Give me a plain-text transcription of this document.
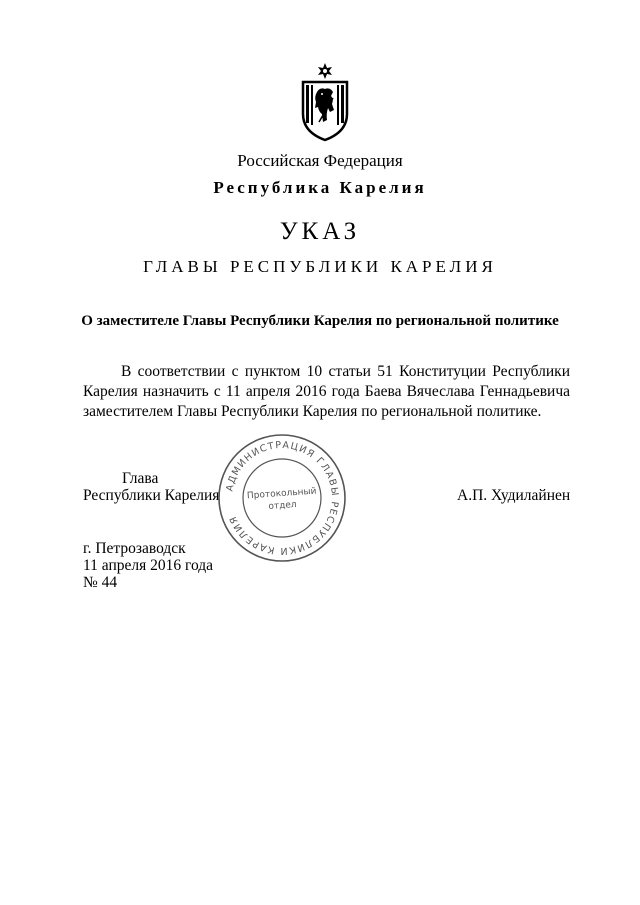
Российская Федерация
Республика Карелия
УКАЗ
ГЛАВЫ РЕСПУБЛИКИ КАРЕЛИЯ
О заместителе Главы Республики Карелия по региональной политике
В соответствии с пунктом 10 статьи 51 Конституции Республики Карелия назначить с 11 апреля 2016 года Баева Вячеслава Геннадьевича заместителем Главы Республики Карелия по региональной политике.
Глава
Республики Карелия	А.П. Худилайнен
АДМИНИСТРАЦИЯ ГЛАВЫ РЕСПУБЛИКИ КАРЕЛИЯ
Протокольный
отдел
г. Петрозаводск
11 апреля 2016 года
№ 44
